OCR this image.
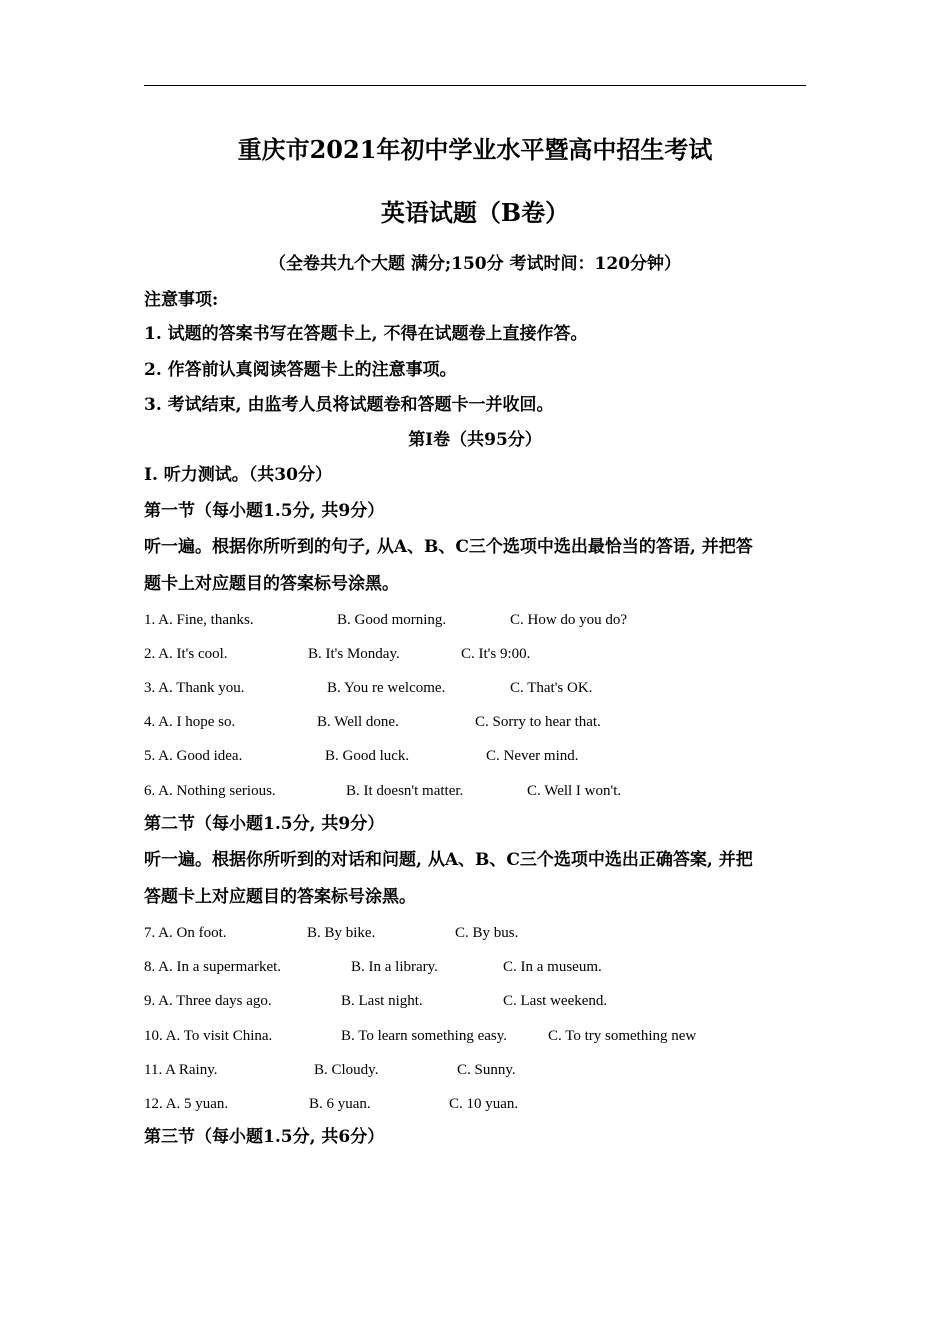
重庆市2021年初中学业水平暨高中招生考试
英语试题（B卷）
（全卷共九个大题 满分;150分 考试时间：120分钟）
注意事项:
1. 试题的答案书写在答题卡上, 不得在试题卷上直接作答。
2. 作答前认真阅读答题卡上的注意事项。
3. 考试结束, 由监考人员将试题卷和答题卡一并收回。
第I卷（共95分）
I. 听力测试。（共30分）
第一节（每小题1.5分, 共9分）
听一遍。根据你所听到的句子, 从A、B、C三个选项中选出最恰当的答语, 并把答
题卡上对应题目的答案标号涂黑。
1. A. Fine, thanks.	B. Good morning.	C. How do you do?
2. A. It's cool.	B. It's Monday.	C. It's 9:00.
3. A. Thank you.	B. You re welcome.	C. That's OK.
4. A. I hope so.	B. Well done.	C. Sorry to hear that.
5. A. Good idea.	B. Good luck.	C. Never mind.
6. A. Nothing serious.	B. It doesn't matter.	C. Well I won't.
第二节（每小题1.5分, 共9分）
听一遍。根据你所听到的对话和问题, 从A、B、C三个选项中选出正确答案, 并把
答题卡上对应题目的答案标号涂黑。
7. A. On foot.	B. By bike.	C. By bus.
8. A. In a supermarket.	B. In a library.	C. In a museum.
9. A. Three days ago.	B. Last night.	C. Last weekend.
10. A. To visit China.	B. To learn something easy.	C. To try something new
11. A Rainy.	B. Cloudy.	C. Sunny.
12. A. 5 yuan.	B. 6 yuan.	C. 10 yuan.
第三节（每小题1.5分, 共6分）
